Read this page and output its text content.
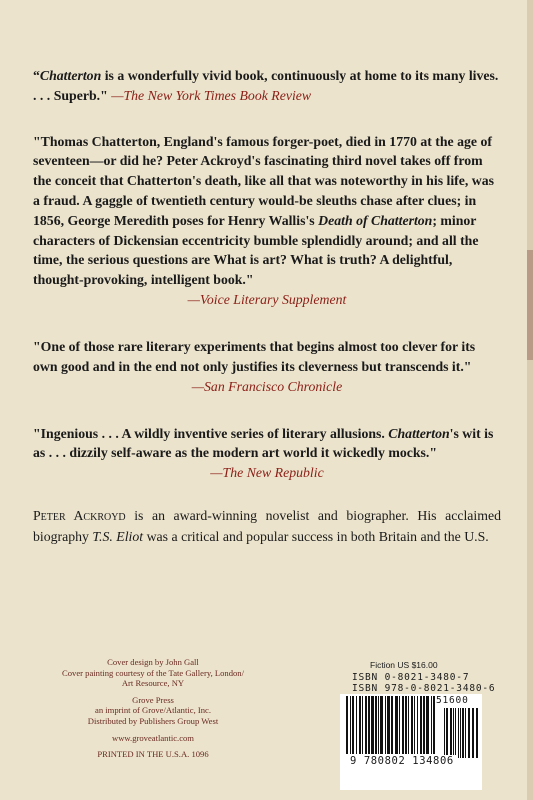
“Chatterton is a wonderfully vivid book, continuously at home to its many lives. . . . Superb." —The New York Times Book Review

"Thomas Chatterton, England's famous forger-poet, died in 1770 at the age of seventeen—or did he? Peter Ackroyd's fascinating third novel takes off from the conceit that Chatterton's death, like all that was noteworthy in his life, was a fraud. A gaggle of twentieth century would-be sleuths chase after clues; in 1856, George Meredith poses for Henry Wallis's Death of Chatterton; minor characters of Dickensian eccentricity bumble splendidly around; and all the time, the serious questions are What is art? What is truth? A delightful, thought-provoking, intelligent book."

—Voice Literary Supplement

"One of those rare literary experiments that begins almost too clever for its own good and in the end not only justifies its cleverness but transcends it."

—San Francisco Chronicle

"Ingenious . . . A wildly inventive series of literary allusions. Chatterton's wit is as . . . dizzily self-aware as the modern art world it wickedly mocks."

—The New Republic

Peter Ackroyd is an award-winning novelist and biographer. His acclaimed biography T.S. Eliot was a critical and popular success in both Britain and the U.S.

Cover design by John Gall

Cover painting courtesy of the Tate Gallery, London/

Art Resource, NY

Grove Press

an imprint of Grove/Atlantic, Inc.

Distributed by Publishers Group West

www.groveatlantic.com

PRINTED IN THE U.S.A. 1096

Fiction US $16.00
ISBN 0-8021-3480-7
ISBN 978-0-8021-3480-6
51600
9 780802 134806
